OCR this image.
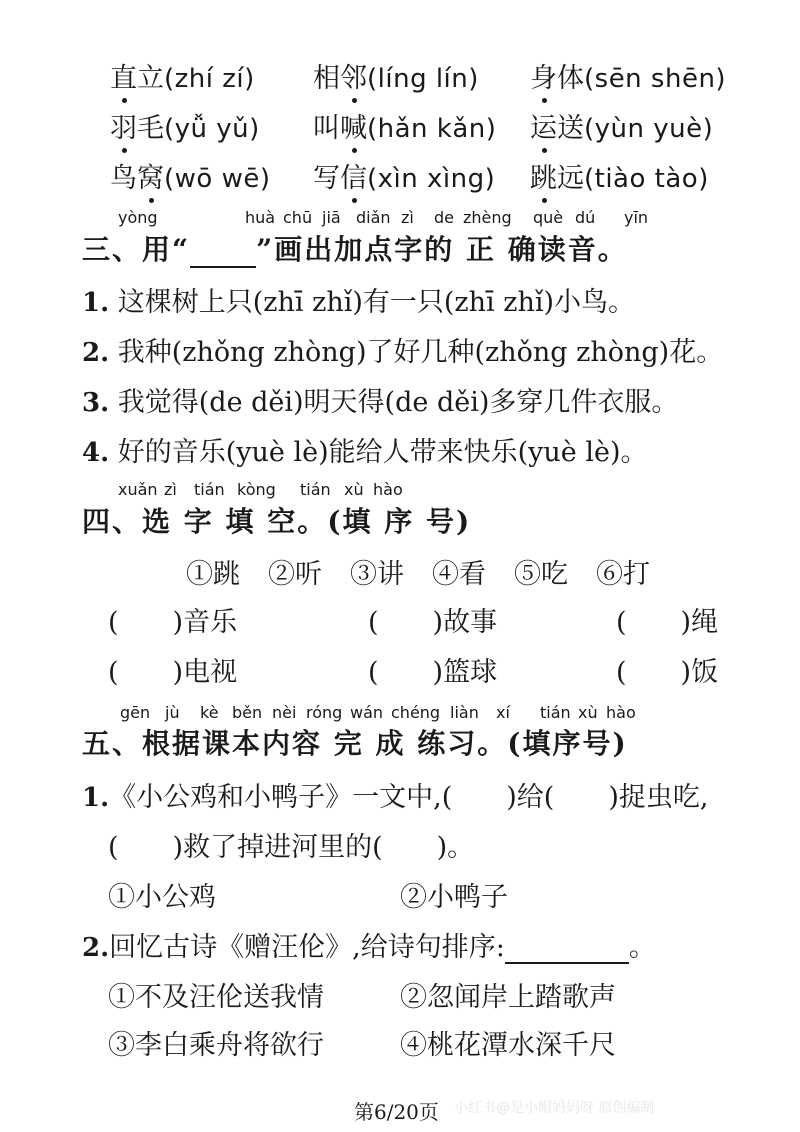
直立(zhí zí) 相邻(líng lín) 身体(sēn shēn)
羽毛(yǚ yǔ) 叫喊(hǎn kǎn) 运送(yùn yuè)
鸟窝(wō wē) 写信(xìn xìng) 跳远(tiào tào)
yòng	huà chū jiā diǎn zì de zhèng què dú yīn
三、用“ ”画出加点字的 正 确读音。
1. 这棵树上只(zhī zhǐ)有一只(zhī zhǐ)小鸟。
2. 我种(zhǒng zhòng)了好几种(zhǒng zhòng)花。
3. 我觉得(de děi)明天得(de děi)多穿几件衣服。
4. 好的音乐(yuè lè)能给人带来快乐(yuè lè)。
xuǎn zì tián kòng tián xù hào
四、选 字 填 空。(填 序 号)
①跳 ②听 ③讲 ④看 ⑤吃 ⑥打
(　　)音乐	(　　)故事	(　　)绳
(　　)电视	(　　)篮球	(　　)饭
gēn jù kè běn nèi róng wán chéng liàn xí tián xù hào
五、根据课本内容 完 成 练习。(填序号)
1.《小公鸡和小鸭子》一文中,(　　)给(　　)捉虫吃,
(　　)救了掉进河里的(　　)。
①小公鸡	②小鸭子
2.回忆古诗《赠汪伦》,给诗句排序:	。
①不及汪伦送我情	②忽闻岸上踏歌声
③李白乘舟将欲行	④桃花潭水深千尺
第6/20页 小红书@是小帽妈妈呀 原创编制
